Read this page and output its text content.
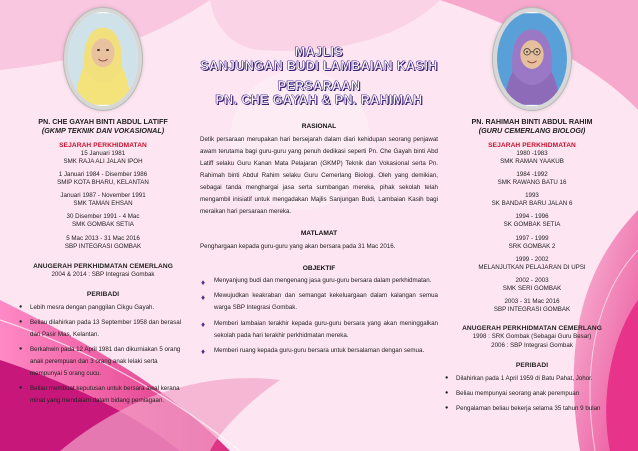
PN. CHE GAYAH BINTI ABDUL LATIFF
(GKMP TEKNIK DAN VOKASIONAL)
SEJARAH PERKHIDMATAN
15 Januari 1981
SMK RAJA ALI JALAN IPOH
1 Januari 1984 - Disember 1986
SMIP KOTA BHARU, KELANTAN
Januari 1987 - November 1991
SMK TAMAN EHSAN
30 Disember 1991 - 4 Mac
SMK GOMBAK SETIA
5 Mac 2013 - 31 Mac 2016
SBP INTEGRASI GOMBAK
ANUGERAH PERKHIDMATAN CEMERLANG
2004 & 2014 : SBP Integrasi Gombak
PERIBADI
● Lebih mesra dengan panggilan Cikgu Gayah.
● Beliau dilahirkan pada 13 September 1958 dan berasal dari Pasir Mas, Kelantan.
● Berkahwin pada 12 April 1981 dan dikurniakan 5 orang anak perempuan dan 3 orang anak lelaki serta mempunyai 5 orang cucu.
● Beliau membuat keputusan untuk bersara awal kerana minat yang mendalam dalam bidang perniagaan.
MAJLIS
SANJUNGAN BUDI LAMBAIAN KASIH
PERSARAAN
PN. CHE GAYAH & PN. RAHIMAH
RASIONAL

Detik persaraan merupakan hari bersejarah dalam diari kehidupan seorang penjawat awam terutama bagi guru-guru yang penuh dedikasi seperti Pn. Che Gayah binti Abd Latiff selaku Guru Kanan Mata Pelajaran (GKMP) Teknik dan Vokasional serta Pn. Rahimah binti Abdul Rahim selaku Guru Cemerlang Biologi. Oleh yang demikian, sebagai tanda menghargai jasa serta sumbangan mereka, pihak sekolah telah mengambil inisiatif untuk mengadakan Majlis Sanjungan Budi, Lambaian Kasih bagi meraikan hari persaraan mereka.

MATLAMAT

Penghargaan kepada guru-guru yang akan bersara pada 31 Mac 2016.

OBJEKTIF
♦ Menyanjung budi dan mengenang jasa guru-guru bersara dalam perkhidmatan.
♦ Mewujudkan keakraban dan semangat kekeluargaan dalam kalangan semua warga SBP Integrasi Gombak.
♦ Memberi lambaian terakhir kepada guru-guru bersara yang akan meninggalkan sekolah pada hari terakhir perkhidmatan mereka.
♦ Memberi ruang kepada guru-guru bersara untuk bersalaman dengan semua.
PN. RAHIMAH BINTI ABDUL RAHIM
(GURU CEMERLANG BIOLOGI)
SEJARAH PERKHIDMATAN
1980 -1983
SMK RAMAN YAAKUB
1984 -1992
SMK RAWANG BATU 16
1993
SK BANDAR BARU JALAN 6
1994 - 1996
SK GOMBAK SETIA
1997 - 1999
SRK GOMBAK 2
1999 - 2002
MELANJUTKAN PELAJARAN DI UPSI
2002 - 2003
SMK SERI GOMBAK
2003 - 31 Mac 2016
SBP INTEGRASI GOMBAK
ANUGERAH PERKHIDMATAN CEMERLANG
1998 : SRK Gombak (Sebagai Guru Besar)
2006 : SBP Integrasi Gombak
PERIBADI
● Dilahirkan pada 1 April 1959 di Batu Pahat, Johor.
● Beliau mempunyai seorang anak perempuan
● Pengalaman beliau bekerja selama 35 tahun 9 bulan
